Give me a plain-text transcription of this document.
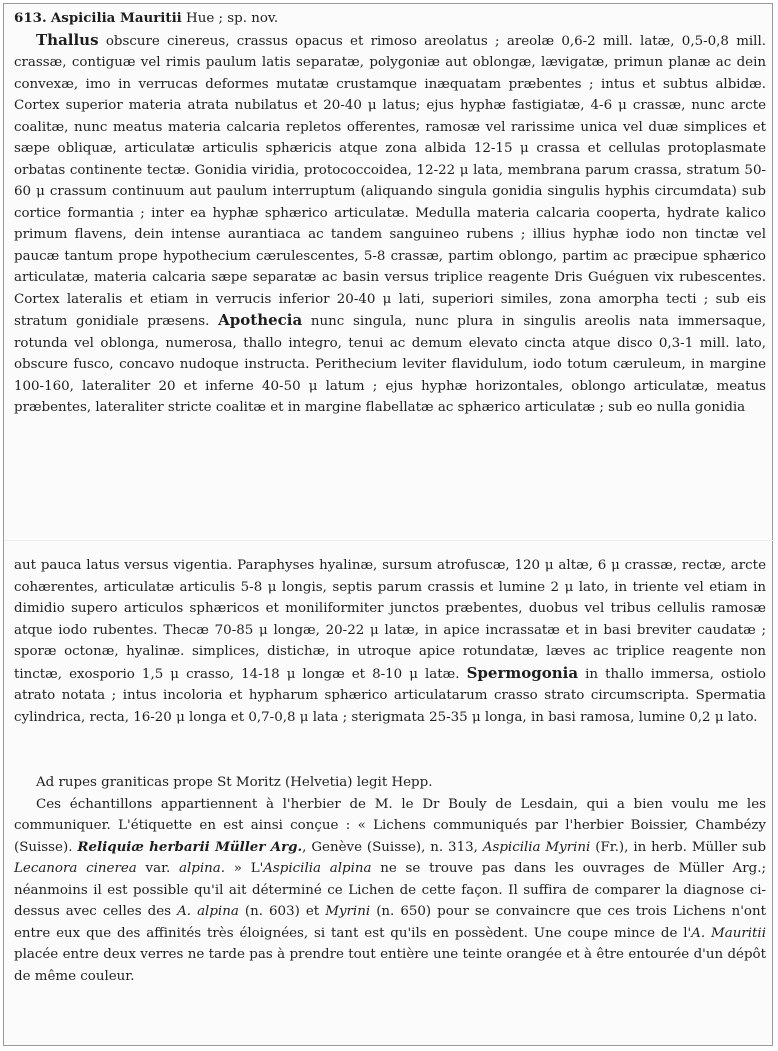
613. Aspicilia Mauritii Hue ; sp. nov.

Thallus obscure cinereus, crassus opacus et rimoso areolatus ; areolæ 0,6-2 mill. latæ, 0,5-0,8 mill. crassæ, contiguæ vel rimis paulum latis separatæ, polygoniæ aut oblongæ, lævigatæ, primun planæ ac dein convexæ, imo in verrucas deformes mutatæ crustamque inæquatam præbentes ; intus et subtus albidæ. Cortex superior materia atrata nubilatus et 20-40 μ latus; ejus hyphæ fastigiatæ, 4-6 μ crassæ, nunc arcte coalitæ, nunc meatus materia calcaria repletos offerentes, ramosæ vel rarissime unica vel duæ simplices et sæpe obliquæ, articulatæ articulis sphæricis atque zona albida 12-15 μ crassa et cellulas protoplasmate orbatas continente tectæ. Gonidia viridia, protococcoidea, 12-22 μ lata, membrana parum crassa, stratum 50-60 μ crassum continuum aut paulum interruptum (aliquando singula gonidia singulis hyphis circumdata) sub cortice formantia ; inter ea hyphæ sphærico articulatæ. Medulla materia calcaria cooperta, hydrate kalico primum flavens, dein intense aurantiaca ac tandem sanguineo rubens ; illius hyphæ iodo non tinctæ vel paucæ tantum prope hypothecium cærulescentes, 5-8 crassæ, partim oblongo, partim ac præcipue sphærico articulatæ, materia calcaria sæpe separatæ ac basin versus triplice reagente Dris Guéguen vix rubescentes. Cortex lateralis et etiam in verrucis inferior 20-40 μ lati, superiori similes, zona amorpha tecti ; sub eis stratum gonidiale præsens. Apothecia nunc singula, nunc plura in singulis areolis nata immersaque, rotunda vel oblonga, numerosa, thallo integro, tenui ac demum elevato cincta atque disco 0,3-1 mill. lato, obscure fusco, concavo nudoque instructa. Perithecium leviter flavidulum, iodo totum cæruleum, in margine 100-160, lateraliter 20 et inferne 40-50 μ latum ; ejus hyphæ horizontales, oblongo articulatæ, meatus præbentes, lateraliter stricte coalitæ et in margine flabellatæ ac sphærico articulatæ ; sub eo nulla gonidia

aut pauca latus versus vigentia. Paraphyses hyalinæ, sursum atrofuscæ, 120 μ altæ, 6 μ crassæ, rectæ, arcte cohærentes, articulatæ articulis 5-8 μ longis, septis parum crassis et lumine 2 μ lato, in triente vel etiam in dimidio supero articulos sphæricos et moniliformiter junctos præbentes, duobus vel tribus cellulis ramosæ atque iodo rubentes. Thecæ 70-85 μ longæ, 20-22 μ latæ, in apice incrassatæ et in basi breviter caudatæ ; sporæ octonæ, hyalinæ. simplices, distichæ, in utroque apice rotundatæ, læves ac triplice reagente non tinctæ, exosporio 1,5 μ crasso, 14-18 μ longæ et 8-10 μ latæ. Spermogonia in thallo immersa, ostiolo atrato notata ; intus incoloria et hypharum sphærico articulatarum crasso strato circumscripta. Spermatia cylindrica, recta, 16-20 μ longa et 0,7-0,8 μ lata ; sterigmata 25-35 μ longa, in basi ramosa, lumine 0,2 μ lato.

Ad rupes graniticas prope St Moritz (Helvetia) legit Hepp.

Ces échantillons appartiennent à l'herbier de M. le Dr Bouly de Lesdain, qui a bien voulu me les communiquer. L'étiquette en est ainsi conçue : « Lichens communiqués par l'herbier Boissier, Chambézy (Suisse). Reliquiæ herbarii Müller Arg., Genève (Suisse), n. 313, Aspicilia Myrini (Fr.), in herb. Müller sub Lecanora cinerea var. alpina. » L'Aspicilia alpina ne se trouve pas dans les ouvrages de Müller Arg.; néanmoins il est possible qu'il ait déterminé ce Lichen de cette façon. Il suffira de comparer la diagnose ci-dessus avec celles des A. alpina (n. 603) et Myrini (n. 650) pour se convaincre que ces trois Lichens n'ont entre eux que des affinités très éloignées, si tant est qu'ils en possèdent. Une coupe mince de l'A. Mauritii placée entre deux verres ne tarde pas à prendre tout entière une teinte orangée et à être entourée d'un dépôt de même couleur.
